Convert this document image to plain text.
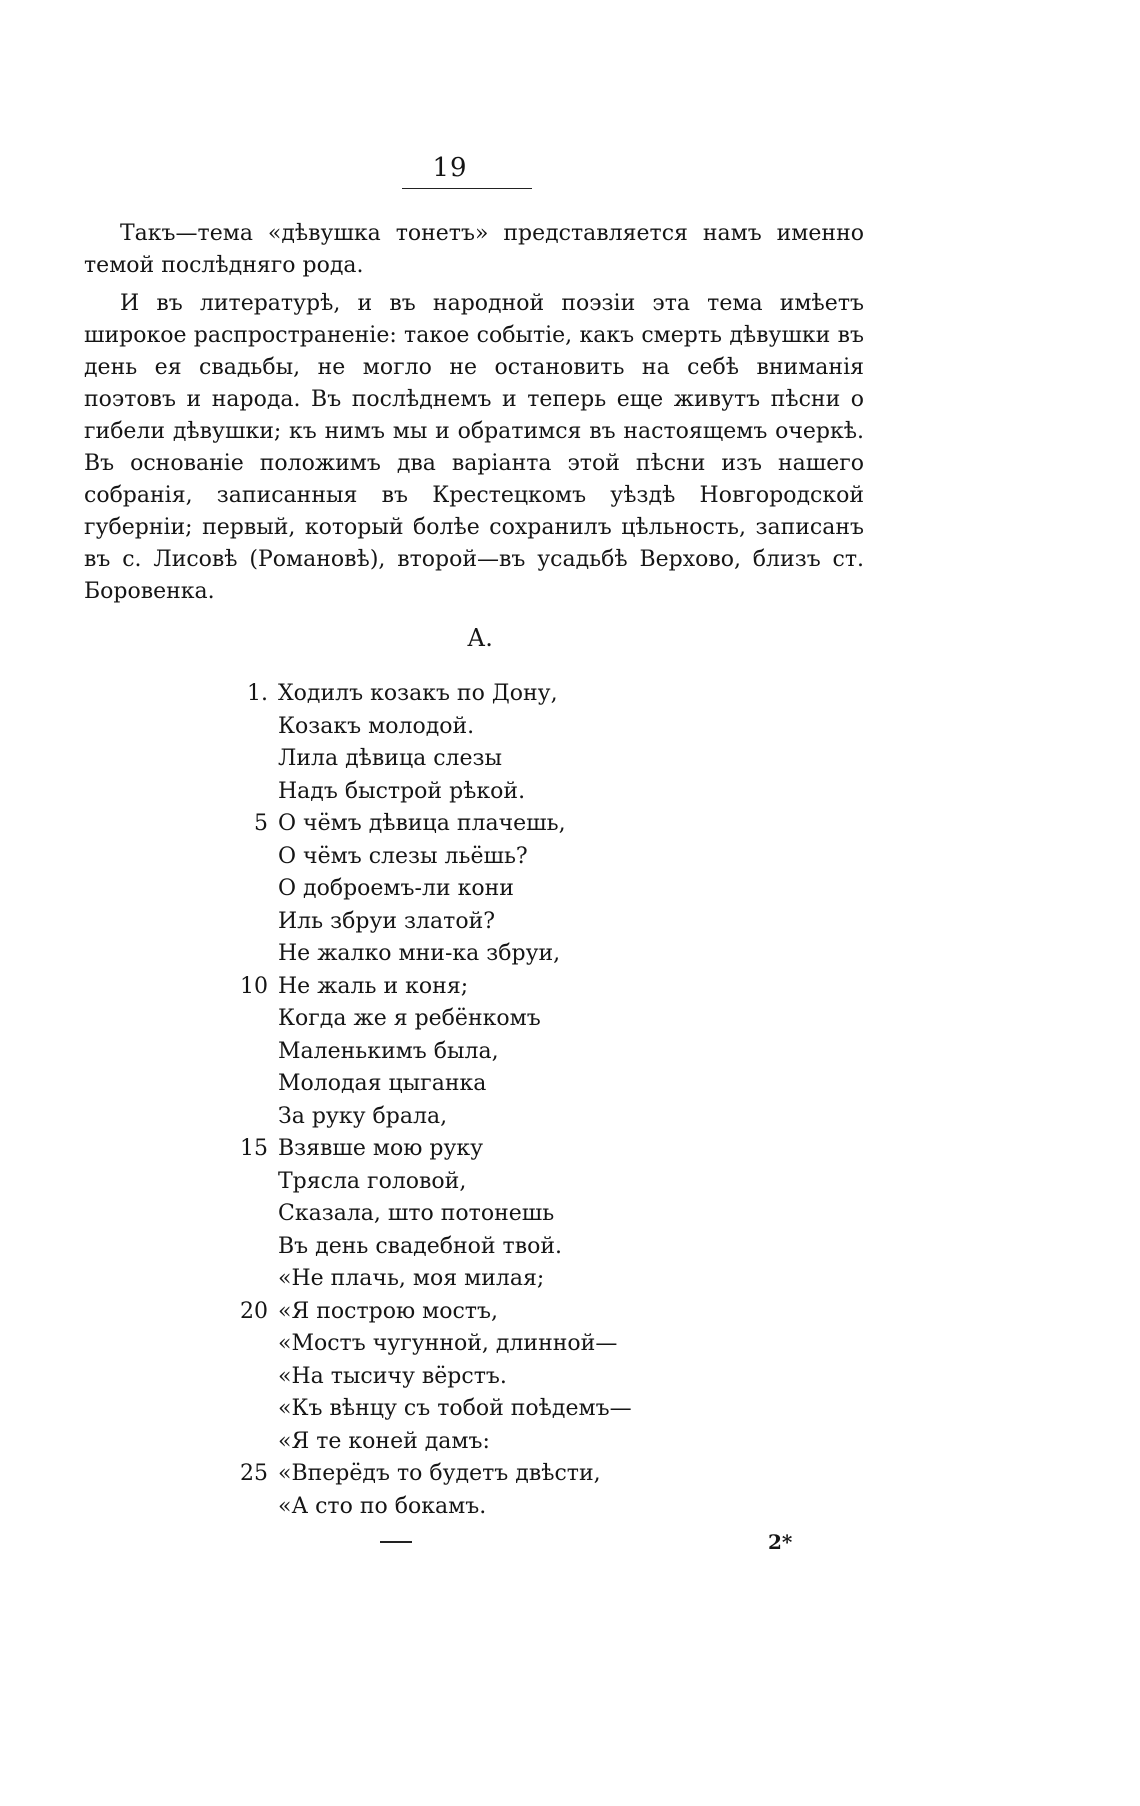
19

Такъ—тема «дѣвушка тонетъ» представляется намъ именно темой послѣдняго рода.

И въ литературѣ, и въ народной поэзіи эта тема имѣетъ широкое распространеніе: такое событіе, какъ смерть дѣвушки въ день ея свадьбы, не могло не остановить на себѣ вниманія поэтовъ и народа. Въ послѣднемъ и теперь еще живутъ пѣсни о гибели дѣвушки; къ нимъ мы и обратимся въ настоящемъ очеркѣ. Въ основаніе положимъ два варіанта этой пѣсни изъ нашего собранія, записанныя въ Крестецкомъ уѣздѣ Новгородской губерніи; первый, который болѣе сохранилъ цѣльность, записанъ въ с. Лисовѣ (Романовѣ), второй—въ усадьбѣ Верхово, близъ ст. Боровенка.

А.
1. Ходилъ козакъ по Дону,
Козакъ молодой.
Лила дѣвица слезы
Надъ быстрой рѣкой.
5 О чёмъ дѣвица плачешь,
О чёмъ слезы льёшь?
О доброемъ-ли кони
Иль збруи златой?
Не жалко мни-ка збруи,
10 Не жаль и коня;
Когда же я ребёнкомъ
Маленькимъ была,
Молодая цыганка
За руку брала,
15 Взявше мою руку
Трясла головой,
Сказала, што потонешь
Въ день свадебной твой.
«Не плачь, моя милая;
20 «Я построю мостъ,
«Мостъ чугунной, длинной—
«На тысичу вёрстъ.
«Къ вѣнцу съ тобой поѣдемъ—
«Я те коней дамъ:
25 «Вперёдъ то будетъ двѣсти,
«А сто по бокамъ.
2*
